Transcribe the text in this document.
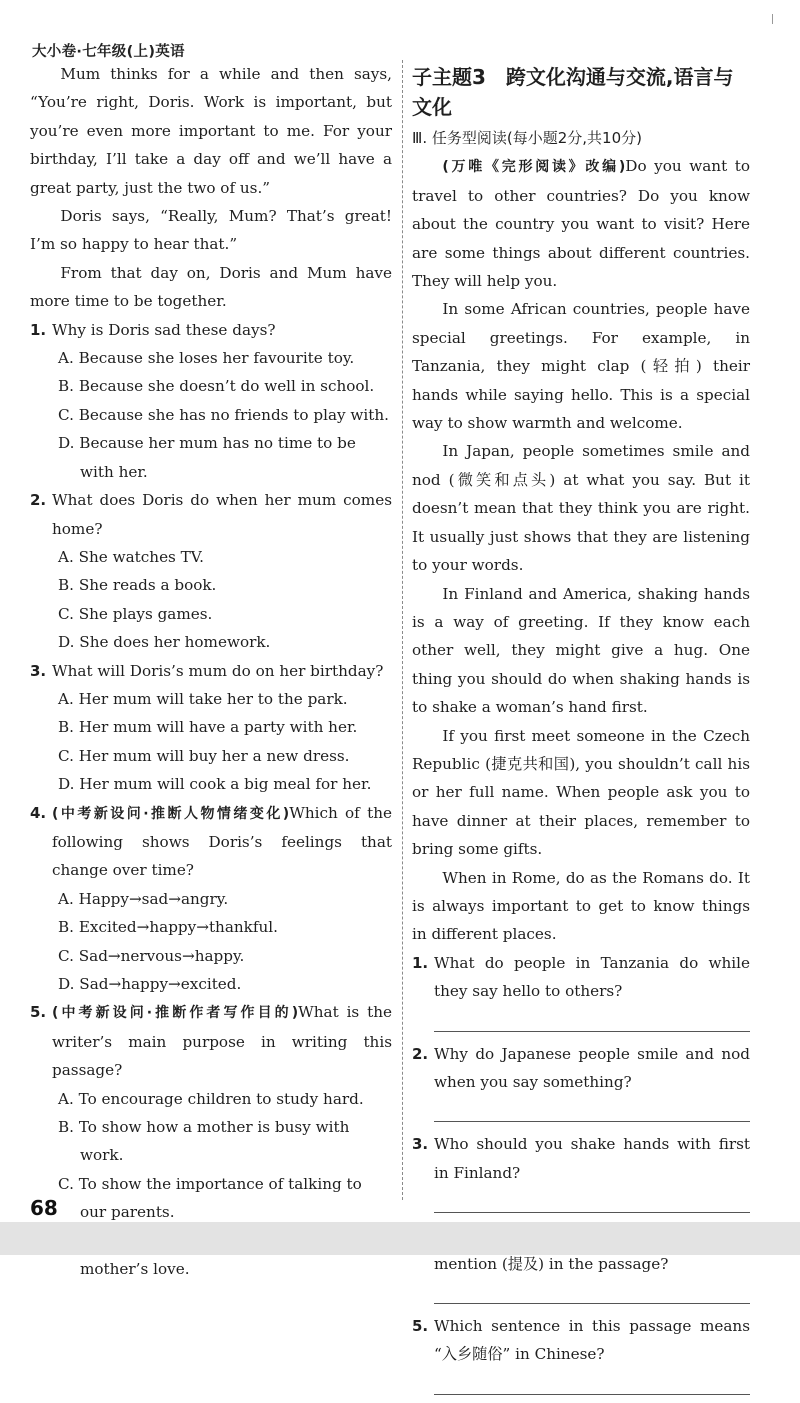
大小卷·七年级(上)英语

Mum thinks for a while and then says, “You’re right, Doris. Work is important, but you’re even more important to me. For your birthday, I’ll take a day off and we’ll have a great party, just the two of us.”

Doris says, “Really, Mum? That’s great! I’m so happy to hear that.”

From that day on, Doris and Mum have more time to be together.

1. Why is Doris sad these days?
A. Because she loses her favourite toy.
B. Because she doesn’t do well in school.
C. Because she has no friends to play with.
D. Because her mum has no time to be with her.
2. What does Doris do when her mum comes home?
A. She watches TV.
B. She reads a book.
C. She plays games.
D. She does her homework.
3. What will Doris’s mum do on her birthday?
A. Her mum will take her to the park.
B. Her mum will have a party with her.
C. Her mum will buy her a new dress.
D. Her mum will cook a big meal for her.
4. (中考新设问·推断人物情绪变化)Which of the following shows Doris’s feelings that change over time?
A. Happy→sad→angry.
B. Excited→happy→thankful.
C. Sad→nervous→happy.
D. Sad→happy→excited.
5. (中考新设问·推断作者写作目的)What is the writer’s main purpose in writing this passage?
A. To encourage children to study hard.
B. To show how a mother is busy with work.
C. To show the importance of talking to our parents.
mother’s love.
子主题3　跨文化沟通与交流,语言与文化
Ⅲ. 任务型阅读(每小题2分,共10分)

(万唯《完形阅读》改编)Do you want to travel to other countries? Do you know about the country you want to visit? Here are some things about different countries. They will help you.

In some African countries, people have special greetings. For example, in Tanzania, they might clap (轻拍) their hands while saying hello. This is a special way to show warmth and welcome.

In Japan, people sometimes smile and nod (微笑和点头) at what you say. But it doesn’t mean that they think you are right. It usually just shows that they are listening to your words.

In Finland and America, shaking hands is a way of greeting. If they know each other well, they might give a hug. One thing you should do when shaking hands is to shake a woman’s hand first.

If you first meet someone in the Czech Republic (捷克共和国), you shouldn’t call his or her full name. When people ask you to have dinner at their places, remember to bring some gifts.

When in Rome, do as the Romans do. It is always important to get to know things in different places.

1. What do people in Tanzania do while they say hello to others?
2. Why do Japanese people smile and nod when you say something?
3. Who should you shake hands with first in Finland?
mention (提及) in the passage?
5. Which sentence in this passage means “入乡随俗” in Chinese?
68
